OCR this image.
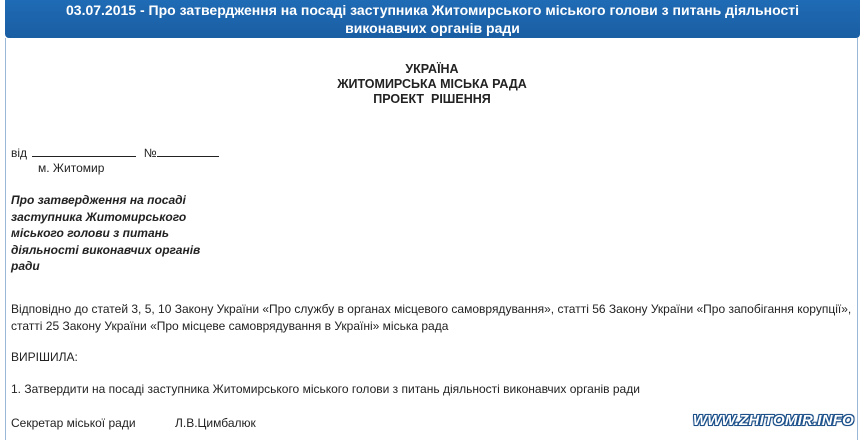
03.07.2015 - Про затвердження на посаді заступника Житомирського міського голови з питань діяльності
виконавчих органів ради
УКРАЇНА
ЖИТОМИРСЬКА МІСЬКА РАДА
ПРОЕКТ  РІШЕННЯ
від	№
м. Житомир
Про затвердження на посаді
заступника Житомирського
міського голови з питань
діяльності виконавчих органів
ради
Відповідно до статей 3, 5, 10 Закону України «Про службу в органах місцевого самоврядування», статті 56 Закону України «Про запобігання корупції», статті 25 Закону України «Про місцеве самоврядування в Україні» міська рада
ВИРІШИЛА:
1. Затвердити на посаді заступника Житомирського міського голови з питань діяльності виконавчих органів ради
Секретар міської ради	Л.В.Цимбалюк	WWW.ZHITOMIR.INFO
